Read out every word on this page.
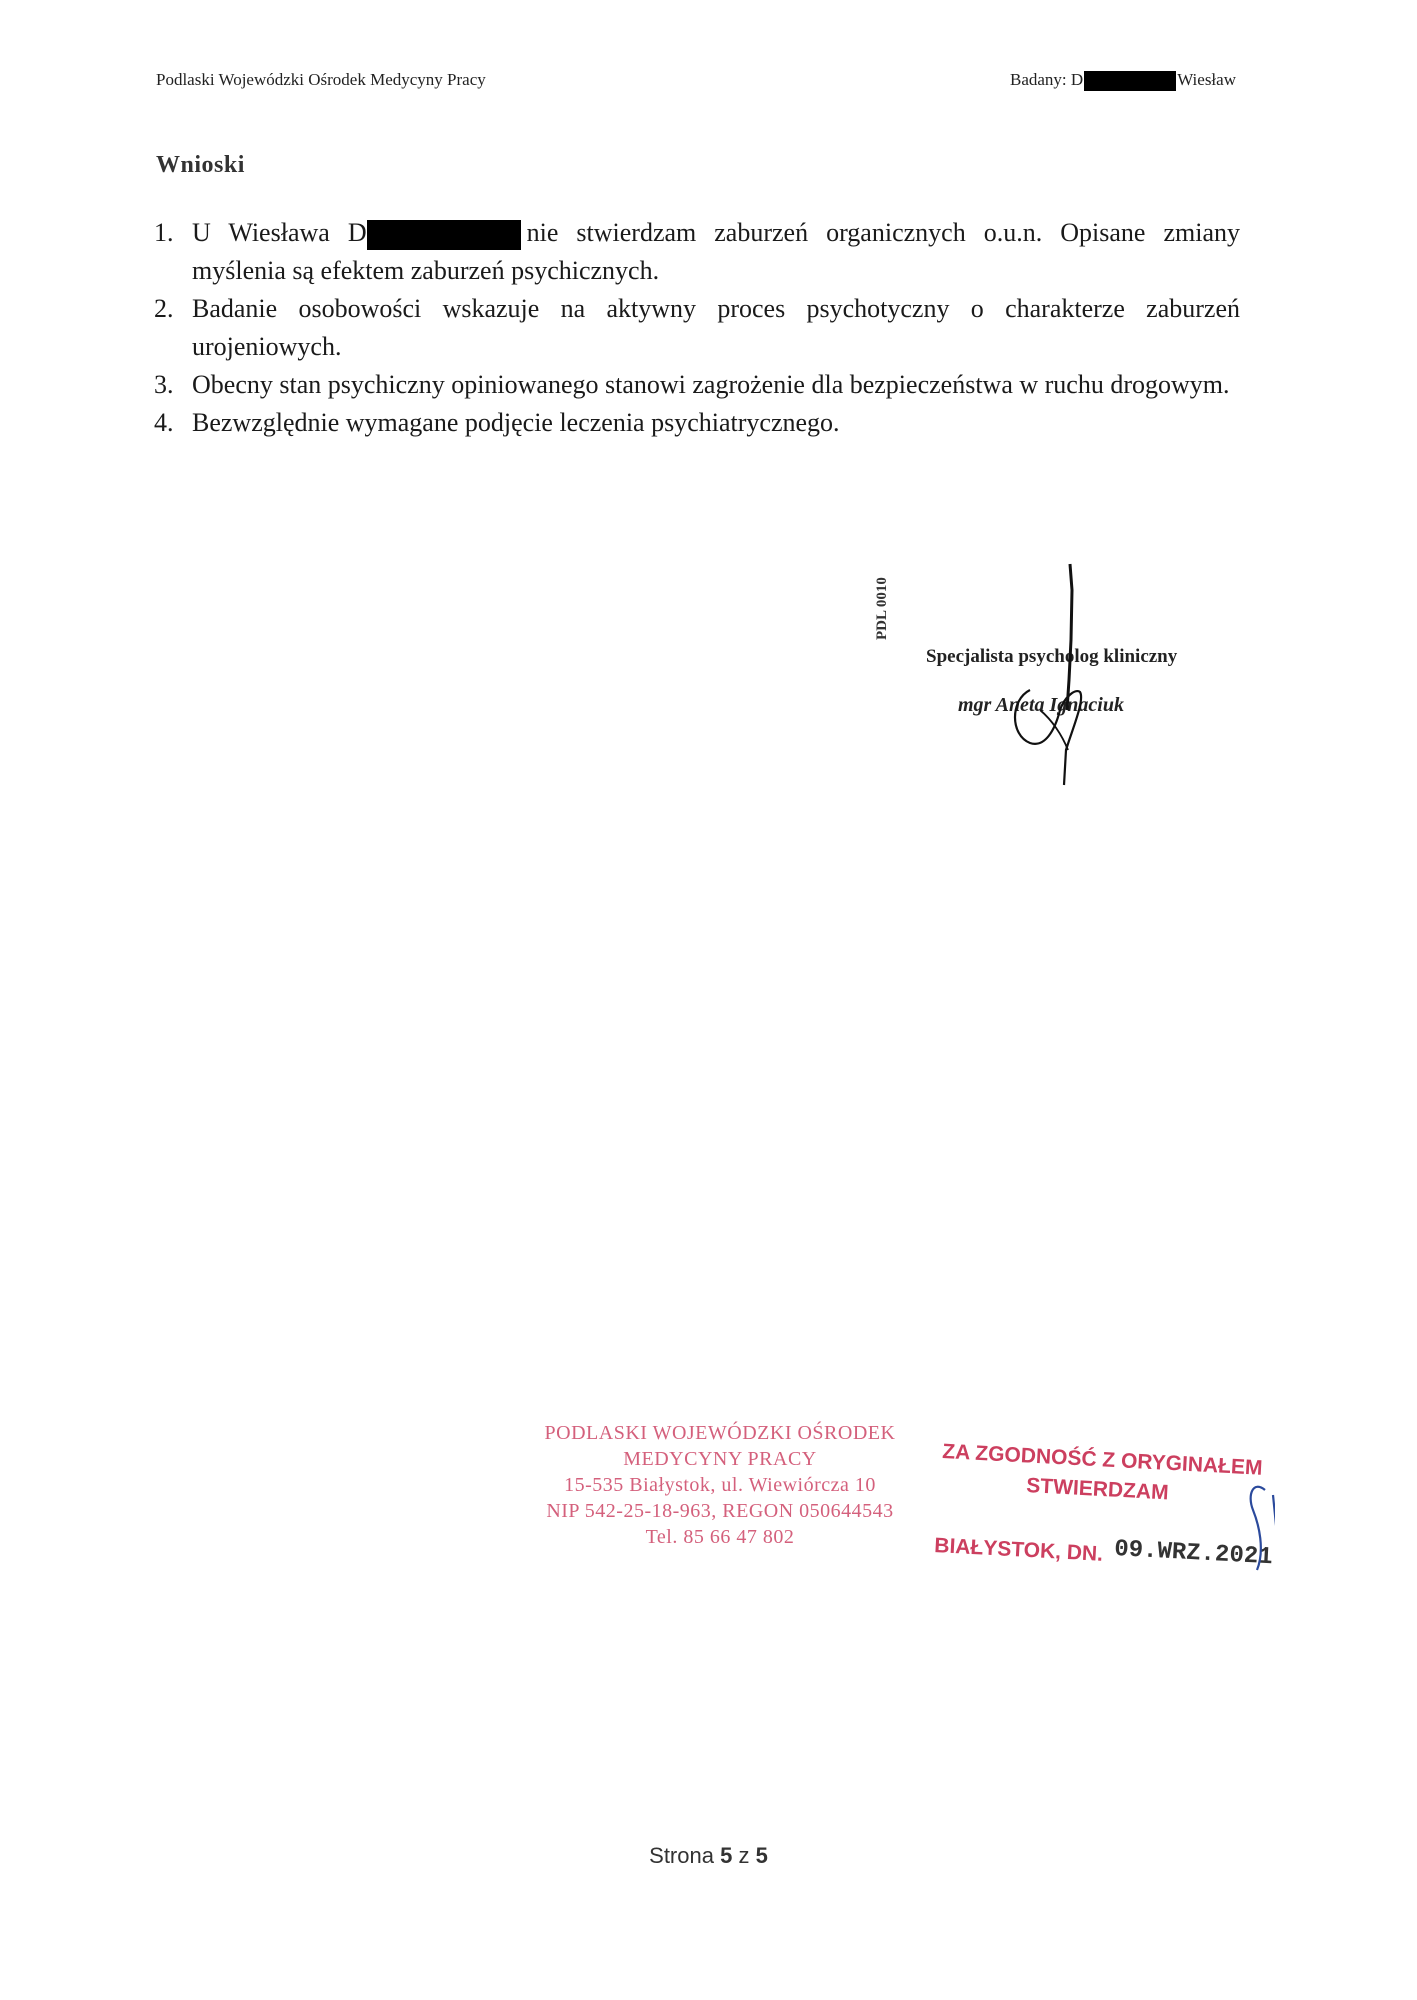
Podlaski Wojewódzki Ośrodek Medycyny Pracy	Badany: D	Wiesław
Wnioski
1. U Wiesława D	nie stwierdzam zaburzeń organicznych o.u.n. Opisane zmiany myślenia są efektem zaburzeń psychicznych.
2. Badanie osobowości wskazuje na aktywny proces psychotyczny o charakterze zaburzeń urojeniowych.
3. Obecny stan psychiczny opiniowanego stanowi zagrożenie dla bezpieczeństwa w ruchu drogowym.
4. Bezwzględnie wymagane podjęcie leczenia psychiatrycznego.
PDL 0010
Specjalista psycholog kliniczny
mgr Aneta Ignaciuk
PODLASKI WOJEWÓDZKI OŚRODEK
MEDYCYNY PRACY
15-535 Białystok, ul. Wiewiórcza 10
NIP 542-25-18-963, REGON 050644543
Tel. 85 66 47 802
ZA ZGODNOŚĆ Z ORYGINAŁEM
STWIERDZAM
BIAŁYSTOK, DN. 09.WRZ.2021
Strona 5 z 5
